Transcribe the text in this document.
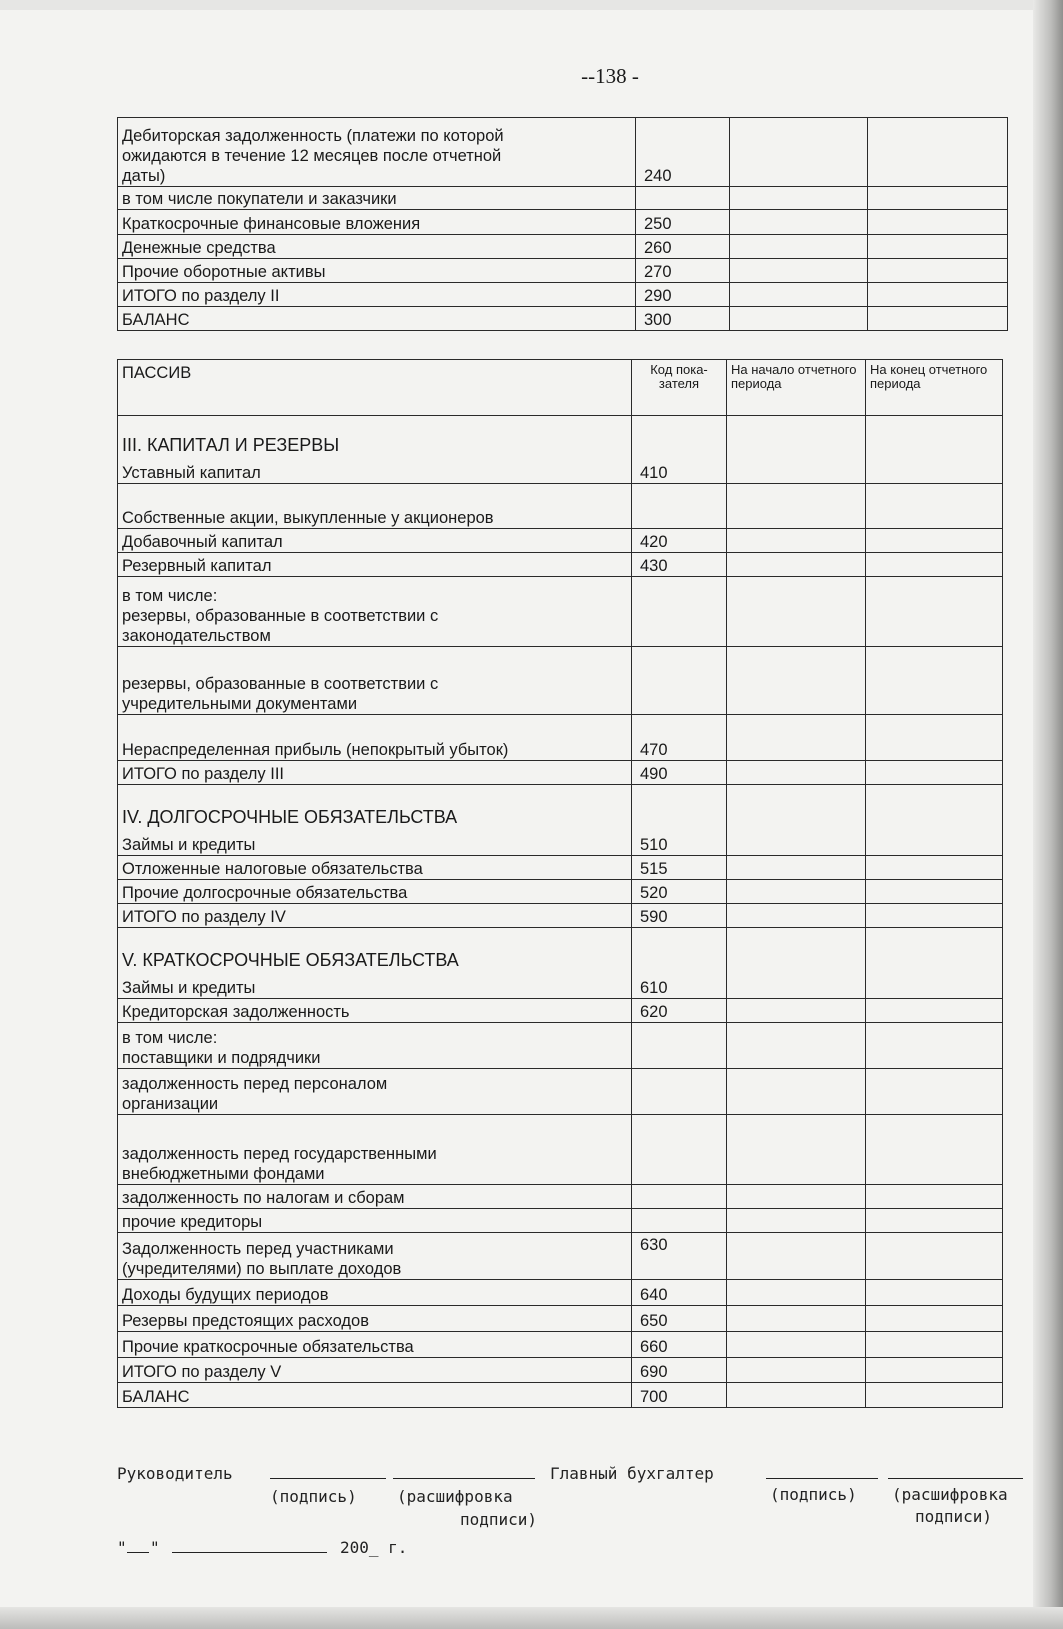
--138 -
Дебиторская задолженность (платежи по которой ожидаются в течение 12 месяцев после отчетной даты)	240		
в том числе покупатели и заказчики			
Краткосрочные финансовые вложения	250		
Денежные средства	260		
Прочие оборотные активы	270		
ИТОГО по разделу II	290		
БАЛАНС	300		
ПАССИВ	Код пока-зателя	На начало отчетного периода	На конец отчетного периода

III. КАПИТАЛ И РЕЗЕРВЫ
Уставный капитал	410		
Собственные акции, выкупленные у акционеров			
Добавочный капитал	420		
Резервный капитал	430		

в том числе:
резервы, образованные в соответствии с законодательством			

резервы, образованные в соответствии с учредительными документами			
Нераспределенная прибыль (непокрытый убыток)	470		
ИТОГО по разделу III	490		

IV. ДОЛГОСРОЧНЫЕ ОБЯЗАТЕЛЬСТВА
Займы и кредиты	510		
Отложенные налоговые обязательства	515		
Прочие долгосрочные обязательства	520		
ИТОГО по разделу IV	590		

V. КРАТКОСРОЧНЫЕ ОБЯЗАТЕЛЬСТВА
Займы и кредиты	610		
Кредиторская задолженность	620		

в том числе:
поставщики и подрядчики			

задолженность перед персоналом организации			
задолженность перед государственными внебюджетными фондами			
задолженность по налогам и сборам			
прочие кредиторы			
Задолженность перед участниками (учредителями) по выплате доходов	630		
Доходы будущих периодов	640		
Резервы предстоящих расходов	650		
Прочие краткосрочные обязательства	660		
ИТОГО по разделу V	690		
БАЛАНС	700		
Руководитель
(подпись)	(расшифровка
подписи)
Главный бухгалтер
(подпись) (расшифровка
подписи)
" "	200_ г.
